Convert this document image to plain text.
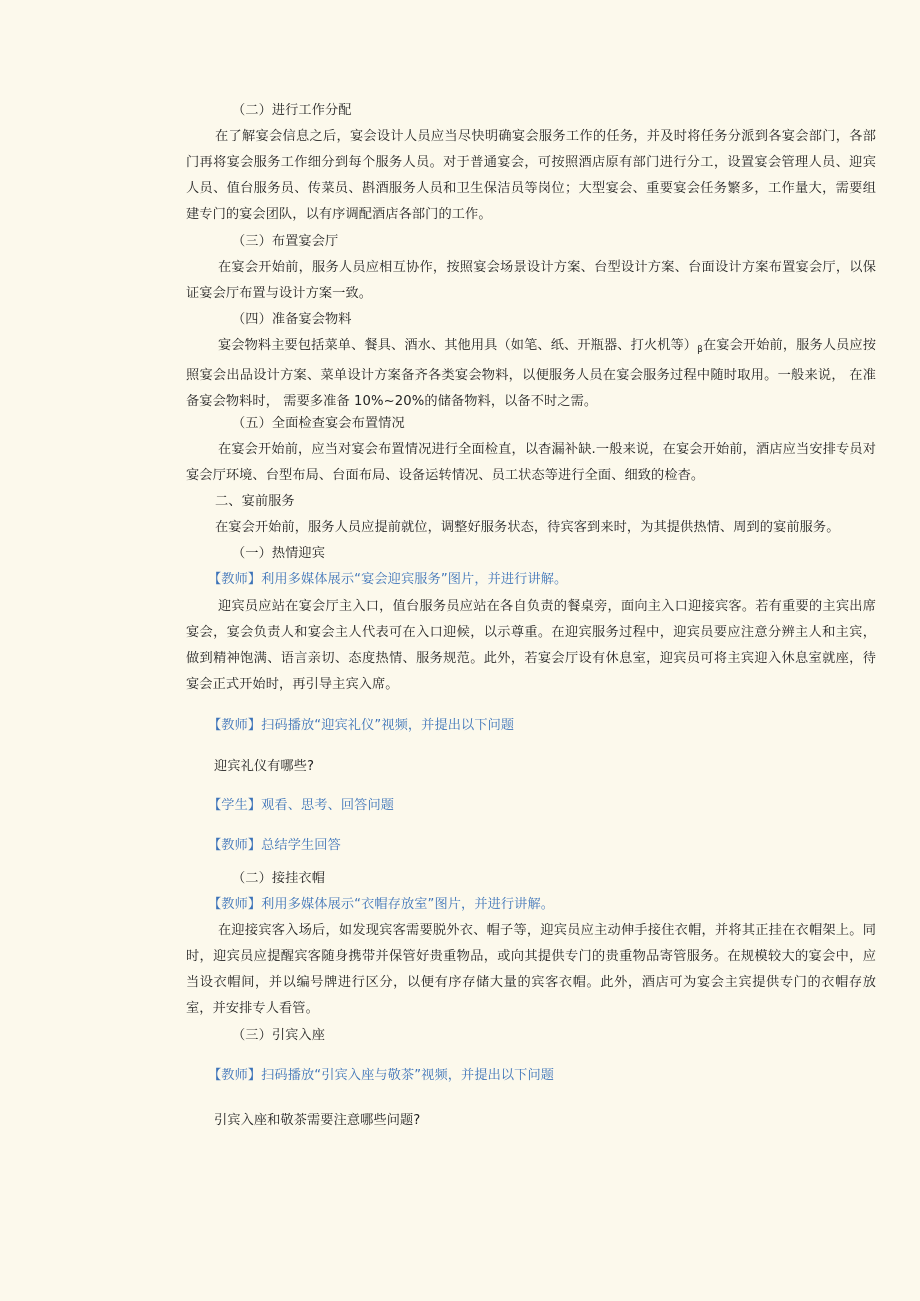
（二）进行工作分配
在了解宴会信息之后，宴会设计人员应当尽快明确宴会服务工作的任务，并及时将任务分派到各宴会部门，各部门再将宴会服务工作细分到每个服务人员。对于普通宴会，可按照酒店原有部门进行分工，设置宴会管理人员、迎宾人员、值台服务员、传菜员、斟酒服务人员和卫生保洁员等岗位；大型宴会、重要宴会任务繁多，工作量大，需要组建专门的宴会团队，以有序调配酒店各部门的工作。
（三）布置宴会厅
在宴会开始前，服务人员应相互协作，按照宴会场景设计方案、台型设计方案、台面设计方案布置宴会厅，以保证宴会厅布置与设计方案一致。
（四）准备宴会物料
宴会物料主要包括菜单、餐具、酒水、其他用具（如笔、纸、开瓶器、打火机等）$_\beta$在宴会开始前，服务人员应按照宴会出品设计方案、菜单设计方案备齐各类宴会物料，以便服务人员在宴会服务过程中随时取用。一般来说， 在准备宴会物料时， 需要多准备 10%~20%的储备物料，以备不时之需。
（五）全面检查宴会布置情况
在宴会开始前，应当对宴会布置情况进行全面检直，以杳漏补缺.一般来说，在宴会开始前，酒店应当安排专员对宴会厅环境、台型布局、台面布局、设备运转情况、员工状态等进行全面、细致的检杳。
二、宴前服务
在宴会开始前，服务人员应提前就位，调整好服务状态，待宾客到来时，为其提供热情、周到的宴前服务。
（一）热情迎宾
【教师】利用多媒体展示“宴会迎宾服务”图片，并进行讲解。
迎宾员应站在宴会厅主入口，值台服务员应站在各自负责的餐桌旁，面向主入口迎接宾客。若有重要的主宾出席宴会，宴会负责人和宴会主人代表可在入口迎候，以示尊重。在迎宾服务过程中，迎宾员要应注意分辨主人和主宾，做到精神饱满、语言亲切、态度热情、服务规范。此外，若宴会厅设有休息室，迎宾员可将主宾迎入休息室就座，待宴会正式开始时，再引导主宾入席。
【教师】扫码播放“迎宾礼仪”视频，并提出以下问题
迎宾礼仪有哪些?
【学生】观看、思考、回答问题
【教师】总结学生回答
（二）接挂衣帽
【教师】利用多媒体展示“衣帽存放室”图片，并进行讲解。
在迎接宾客入场后，如发现宾客需要脱外衣、帽子等，迎宾员应主动伸手接住衣帽，并将其正挂在衣帽架上。同时，迎宾员应提醒宾客随身携带并保管好贵重物品，或向其提供专门的贵重物品寄管服务。在规模较大的宴会中，应当设衣帽间，并以编号牌进行区分，以便有序存储大量的宾客衣帽。此外，酒店可为宴会主宾提供专门的衣帽存放室，并安排专人看管。
（三）引宾入座
【教师】扫码播放“引宾入座与敬茶”视频，并提出以下问题
引宾入座和敬茶需要注意哪些问题?
